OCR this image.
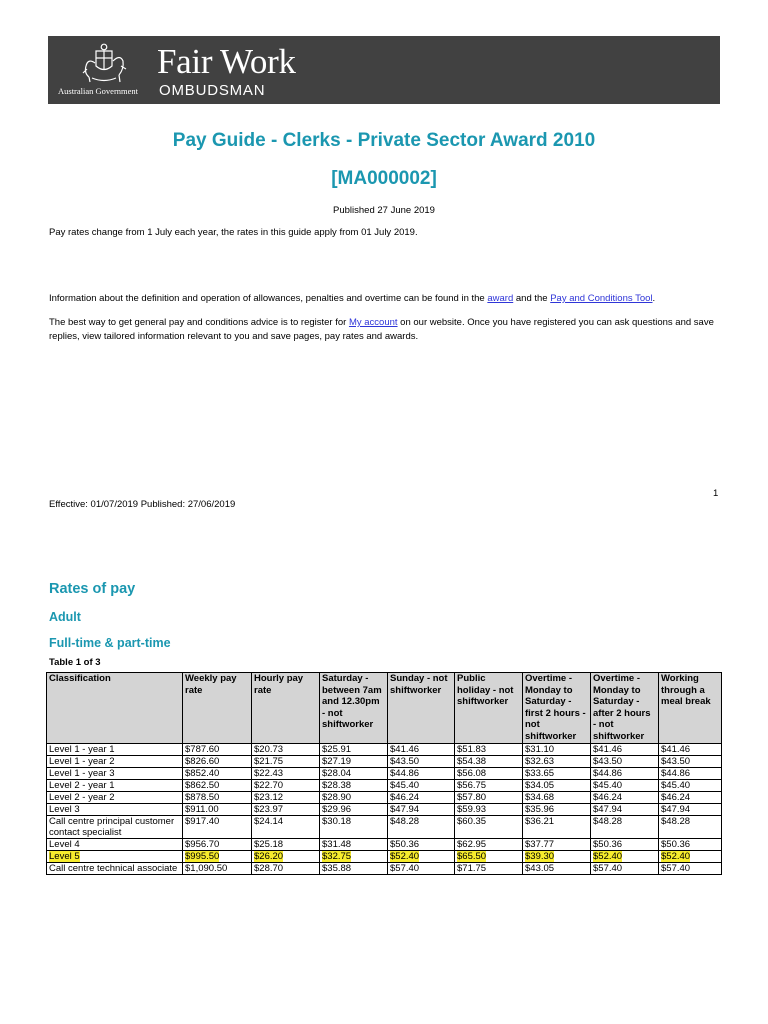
Australian Government
Fair Work
OMBUDSMAN
Pay Guide - Clerks - Private Sector Award 2010
[MA000002]
Published 27 June 2019
Pay rates change from 1 July each year, the rates in this guide apply from 01 July 2019.
Information about the definition and operation of allowances, penalties and overtime can be found in the award and the Pay and Conditions Tool.
The best way to get general pay and conditions advice is to register for My account on our website. Once you have registered you can ask questions and save replies, view tailored information relevant to you and save pages, pay rates and awards.
1
Effective: 01/07/2019 Published: 27/06/2019
Rates of pay
Adult
Full-time & part-time
Table 1 of 3
Classification	Weekly pay rate	Hourly pay rate	Saturday - between 7am and 12.30pm - not shiftworker	Sunday - not shiftworker	Public holiday - not shiftworker	Overtime - Monday to Saturday - first 2 hours - not shiftworker	Overtime - Monday to Saturday - after 2 hours - not shiftworker	Working through a meal break
Level 1 - year 1	$787.60	$20.73	$25.91	$41.46	$51.83	$31.10	$41.46	$41.46
Level 1 - year 2	$826.60	$21.75	$27.19	$43.50	$54.38	$32.63	$43.50	$43.50
Level 1 - year 3	$852.40	$22.43	$28.04	$44.86	$56.08	$33.65	$44.86	$44.86
Level 2 - year 1	$862.50	$22.70	$28.38	$45.40	$56.75	$34.05	$45.40	$45.40
Level 2 - year 2	$878.50	$23.12	$28.90	$46.24	$57.80	$34.68	$46.24	$46.24
Level 3	$911.00	$23.97	$29.96	$47.94	$59.93	$35.96	$47.94	$47.94
Call centre principal customer contact specialist	$917.40	$24.14	$30.18	$48.28	$60.35	$36.21	$48.28	$48.28
Level 4	$956.70	$25.18	$31.48	$50.36	$62.95	$37.77	$50.36	$50.36
Level 5	$995.50	$26.20	$32.75	$52.40	$65.50	$39.30	$52.40	$52.40
Call centre technical associate	$1,090.50	$28.70	$35.88	$57.40	$71.75	$43.05	$57.40	$57.40
